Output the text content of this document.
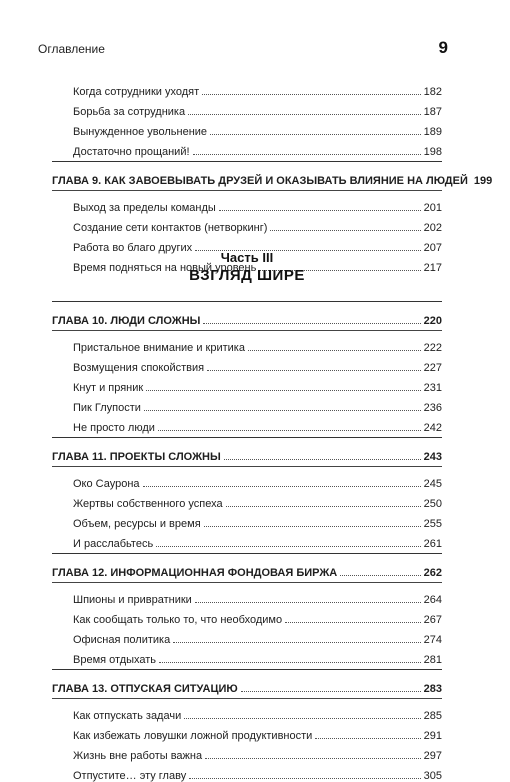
Оглавление	9
Когда сотрудники уходят	182
Борьба за сотрудника	187
Вынужденное увольнение	189
Достаточно прощаний!	198
ГЛАВА 9. КАК ЗАВОЕВЫВАТЬ ДРУЗЕЙ И ОКАЗЫВАТЬ ВЛИЯНИЕ НА ЛЮДЕЙ 199
Выход за пределы команды	201
Создание сети контактов (нетворкинг)	202
Работа во благо других	207
Время подняться на новый уровень	217
Часть III
ВЗГЛЯД ШИРЕ
ГЛАВА 10. ЛЮДИ СЛОЖНЫ	220
Пристальное внимание и критика	222
Возмущения спокойствия	227
Кнут и пряник	231
Пик Глупости	236
Не просто люди	242
ГЛАВА 11. ПРОЕКТЫ СЛОЖНЫ	243
Око Саурона	245
Жертвы собственного успеха	250
Объем, ресурсы и время	255
И расслабьтесь	261
ГЛАВА 12. ИНФОРМАЦИОННАЯ ФОНДОВАЯ БИРЖА	262
Шпионы и привратники	264
Как сообщать только то, что необходимо	267
Офисная политика	274
Время отдыхать	281
ГЛАВА 13. ОТПУСКАЯ СИТУАЦИЮ	283
Как отпускать задачи	285
Как избежать ловушки ложной продуктивности	291
Жизнь вне работы важна	297
Отпустите… эту главу	305
